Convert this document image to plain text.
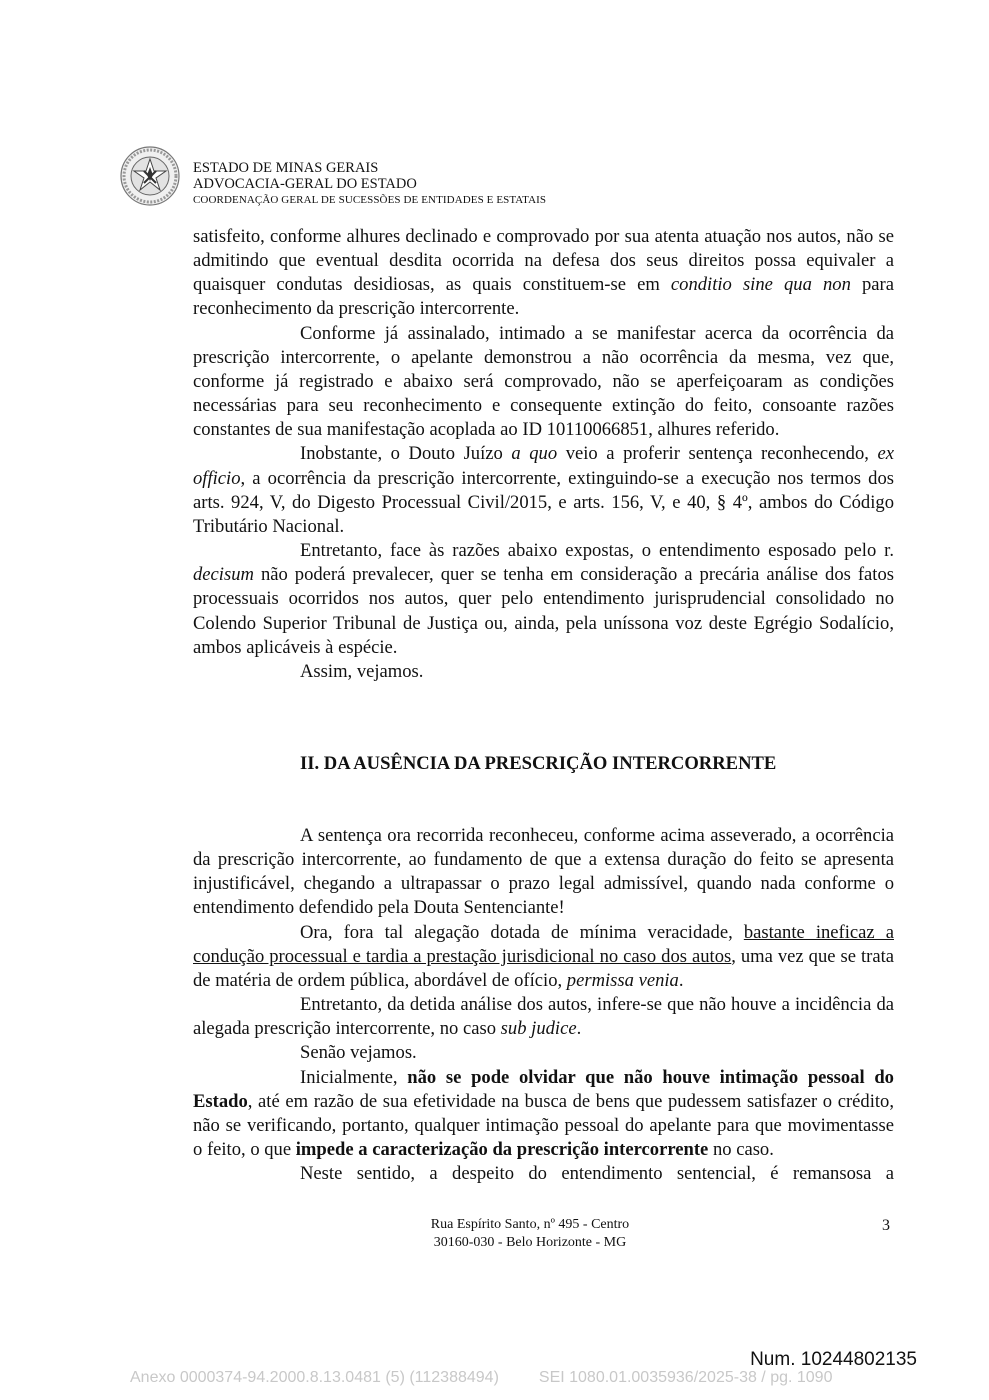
ESTADO DE MINAS GERAIS
ADVOCACIA-GERAL DO ESTADO
COORDENAÇÃO GERAL DE SUCESSÕES DE ENTIDADES E ESTATAIS

satisfeito, conforme alhures declinado e comprovado por sua atenta atuação nos autos, não se admitindo que eventual desdita ocorrida na defesa dos seus direitos possa equivaler a quaisquer condutas desidiosas, as quais constituem-se em conditio sine qua non para reconhecimento da prescrição intercorrente.

Conforme já assinalado, intimado a se manifestar acerca da ocorrência da prescrição intercorrente, o apelante demonstrou a não ocorrência da mesma, vez que, conforme já registrado e abaixo será comprovado, não se aperfeiçoaram as condições necessárias para seu reconhecimento e consequente extinção do feito, consoante razões constantes de sua manifestação acoplada ao ID 10110066851, alhures referido.

Inobstante, o Douto Juízo a quo veio a proferir sentença reconhecendo, ex officio, a ocorrência da prescrição intercorrente, extinguindo-se a execução nos termos dos arts. 924, V, do Digesto Processual Civil/2015, e arts. 156, V, e 40, § 4º, ambos do Código Tributário Nacional.

Entretanto, face às razões abaixo expostas, o entendimento esposado pelo r. decisum não poderá prevalecer, quer se tenha em consideração a precária análise dos fatos processuais ocorridos nos autos, quer pelo entendimento jurisprudencial consolidado no Colendo Superior Tribunal de Justiça ou, ainda, pela uníssona voz deste Egrégio Sodalício, ambos aplicáveis à espécie.

Assim, vejamos.

II. DA AUSÊNCIA DA PRESCRIÇÃO INTERCORRENTE

A sentença ora recorrida reconheceu, conforme acima asseverado, a ocorrência da prescrição intercorrente, ao fundamento de que a extensa duração do feito se apresenta injustificável, chegando a ultrapassar o prazo legal admissível, quando nada conforme o entendimento defendido pela Douta Sentenciante!

Ora, fora tal alegação dotada de mínima veracidade, bastante ineficaz a condução processual e tardia a prestação jurisdicional no caso dos autos, uma vez que se trata de matéria de ordem pública, abordável de ofício, permissa venia.

Entretanto, da detida análise dos autos, infere-se que não houve a incidência da alegada prescrição intercorrente, no caso sub judice.

Senão vejamos.

Inicialmente, não se pode olvidar que não houve intimação pessoal do Estado, até em razão de sua efetividade na busca de bens que pudessem satisfazer o crédito, não se verificando, portanto, qualquer intimação pessoal do apelante para que movimentasse o feito, o que impede a caracterização da prescrição intercorrente no caso.

Neste sentido, a despeito do entendimento sentencial, é remansosa a

Rua Espírito Santo, nº 495 - Centro
30160-030 - Belo Horizonte - MG
3
Num. 10244802135
Anexo 0000374-94.2000.8.13.0481 (5) (112388494)	SEI 1080.01.0035936/2025-38 / pg. 1090
